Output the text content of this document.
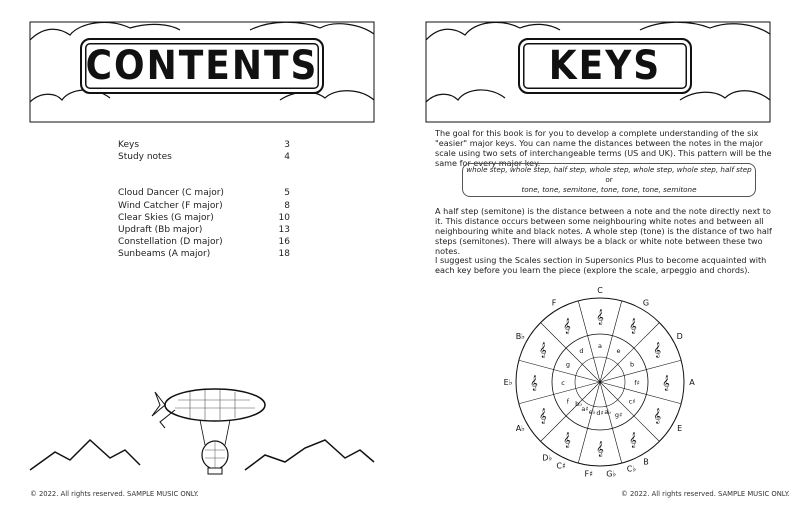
CONTENTS
Keys	3
Study notes	4
Cloud Dancer (C major)	5
Wind Catcher (F major)	8
Clear Skies (G major)	10
Updraft (Bb major)	13
Constellation (D major)	16
Sunbeams (A major)	18
© 2022. All rights reserved. SAMPLE MUSIC ONLY.
KEYS
The goal for this book is for you to develop a complete understanding of the six "easier" major keys. You can name the distances between the notes in the major scale using two sets of interchangeable terms (US and UK). This pattern will be the same for every major key.
whole step, whole step, half step, whole step, whole step, whole step, half step
or
tone, tone, semitone, tone, tone, tone, semitone
A half step (semitone) is the distance between a note and the note directly next to it. This distance occurs between some neighbouring white notes and between all neighbouring white and black notes. A whole step (tone) is the distance of two half steps (semitones). There will always be a black or white note between these two notes.
I suggest using the Scales section in Supersonics Plus to become acquainted with each key before you learn the piece (explore the scale, arpeggio and chords).
C
G
D
A
E
B
C♭
F♯ G♭
C♯
D♭
A♭
E♭
B♭
F
a
e
b
f♯
c♯
g♯
a♭
d♯
e♭
a♯
b♭
f
c
g
d
𝄞
𝄞
𝄞
𝄞
𝄞
𝄞
𝄞
𝄞
𝄞
𝄞
𝄞
𝄞
© 2022. All rights reserved. SAMPLE MUSIC ONLY.
